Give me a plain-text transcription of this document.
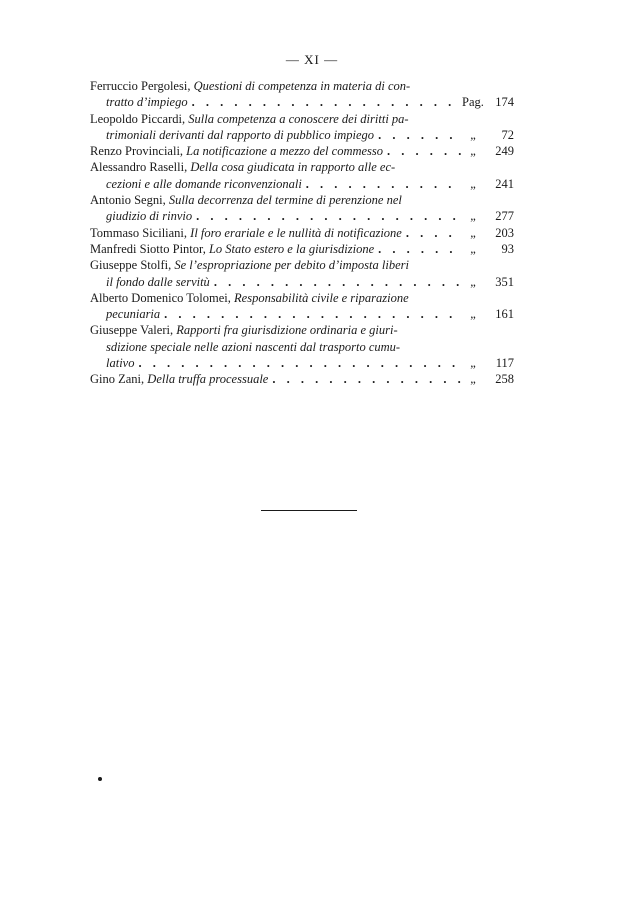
— XI —
Ferruccio Pergolesi, Questioni di competenza in materia di con-
tratto d’impiego . . .	Pag. 174
Leopoldo Piccardi, Sulla competenza a conoscere dei diritti pa-
trimoniali derivanti dal rapporto di pubblico impiego . . .	„	72
Renzo Provinciali, La notificazione a mezzo del commesso . . .	„	249
Alessandro Raselli, Della cosa giudicata in rapporto alle ec-
cezioni e alle domande riconvenzionali . . .	„	241
Antonio Segni, Sulla decorrenza del termine di perenzione nel
giudizio di rinvio . . .	„	277
Tommaso Siciliani, Il foro erariale e le nullità di notificazione . . .	„	203
Manfredi Siotto Pintor, Lo Stato estero e la giurisdizione . . .	„	93
Giuseppe Stolfi, Se l’espropriazione per debito d’imposta liberi
il fondo dalle servitù . . .	„	351
Alberto Domenico Tolomei, Responsabilità civile e riparazione
pecuniaria . . .	„	161
Giuseppe Valeri, Rapporti fra giurisdizione ordinaria e giuri-
sdizione speciale nelle azioni nascenti dal trasporto cumu-
lativo . . .	„	117
Gino Zani, Della truffa processuale . . .	„	258
